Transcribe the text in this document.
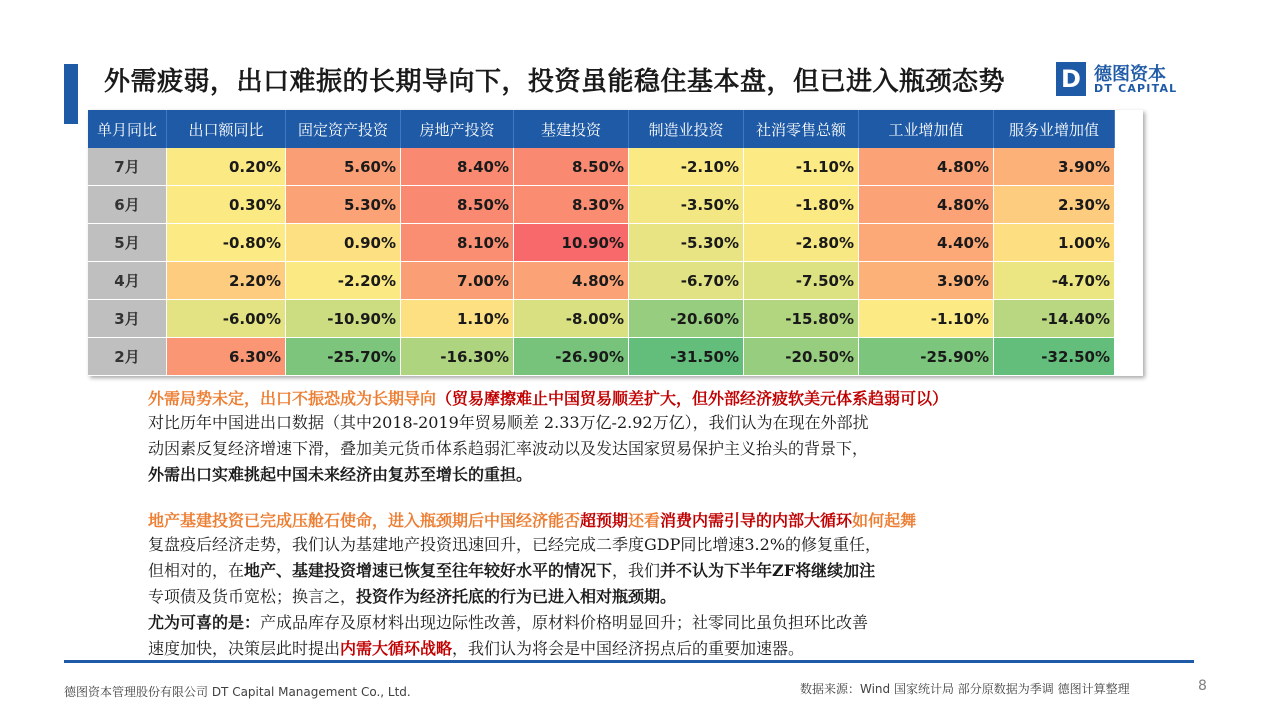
外需疲弱，出口难振的长期导向下，投资虽能稳住基本盘，但已进入瓶颈态势 D 德图资本
DT CAPITAL
单月同比	出口额同比	固定资产投资	房地产投资	基建投资	制造业投资	社消零售总额	工业增加值	服务业增加值
7月	0.20%	5.60%	8.40%	8.50%	-2.10%	-1.10%	4.80%	3.90%
6月	0.30%	5.30%	8.50%	8.30%	-3.50%	-1.80%	4.80%	2.30%
5月	-0.80%	0.90%	8.10%	10.90%	-5.30%	-2.80%	4.40%	1.00%
4月	2.20%	-2.20%	7.00%	4.80%	-6.70%	-7.50%	3.90%	-4.70%
3月	-6.00%	-10.90%	1.10%	-8.00%	-20.60%	-15.80%	-1.10%	-14.40%
2月	6.30%	-25.70%	-16.30%	-26.90%	-31.50%	-20.50%	-25.90%	-32.50%
外需局势未定，出口不振恐成为长期导向（贸易摩擦难止中国贸易顺差扩大，但外部经济疲软美元体系趋弱可以）
对比历年中国进出口数据（其中2018-2019年贸易顺差 2.33万亿-2.92万亿），我们认为在现在外部扰
动因素反复经济增速下滑，叠加美元货币体系趋弱汇率波动以及发达国家贸易保护主义抬头的背景下，
外需出口实难挑起中国未来经济由复苏至增长的重担。
地产基建投资已完成压舱石使命，进入瓶颈期后中国经济能否超预期还看消费内需引导的内部大循环如何起舞
复盘疫后经济走势，我们认为基建地产投资迅速回升，已经完成二季度GDP同比增速3.2%的修复重任，
但相对的，在地产、基建投资增速已恢复至往年较好水平的情况下，我们并不认为下半年ZF将继续加注
专项债及货币宽松；换言之，投资作为经济托底的行为已进入相对瓶颈期。
尤为可喜的是：产成品库存及原材料出现边际性改善，原材料价格明显回升；社零同比虽负担环比改善
速度加快，决策层此时提出内需大循环战略，我们认为将会是中国经济拐点后的重要加速器。
德图资本管理股份有限公司 DT Capital Management Co., Ltd.	数据来源：Wind 国家统计局 部分原数据为季调 德图计算整理	8
